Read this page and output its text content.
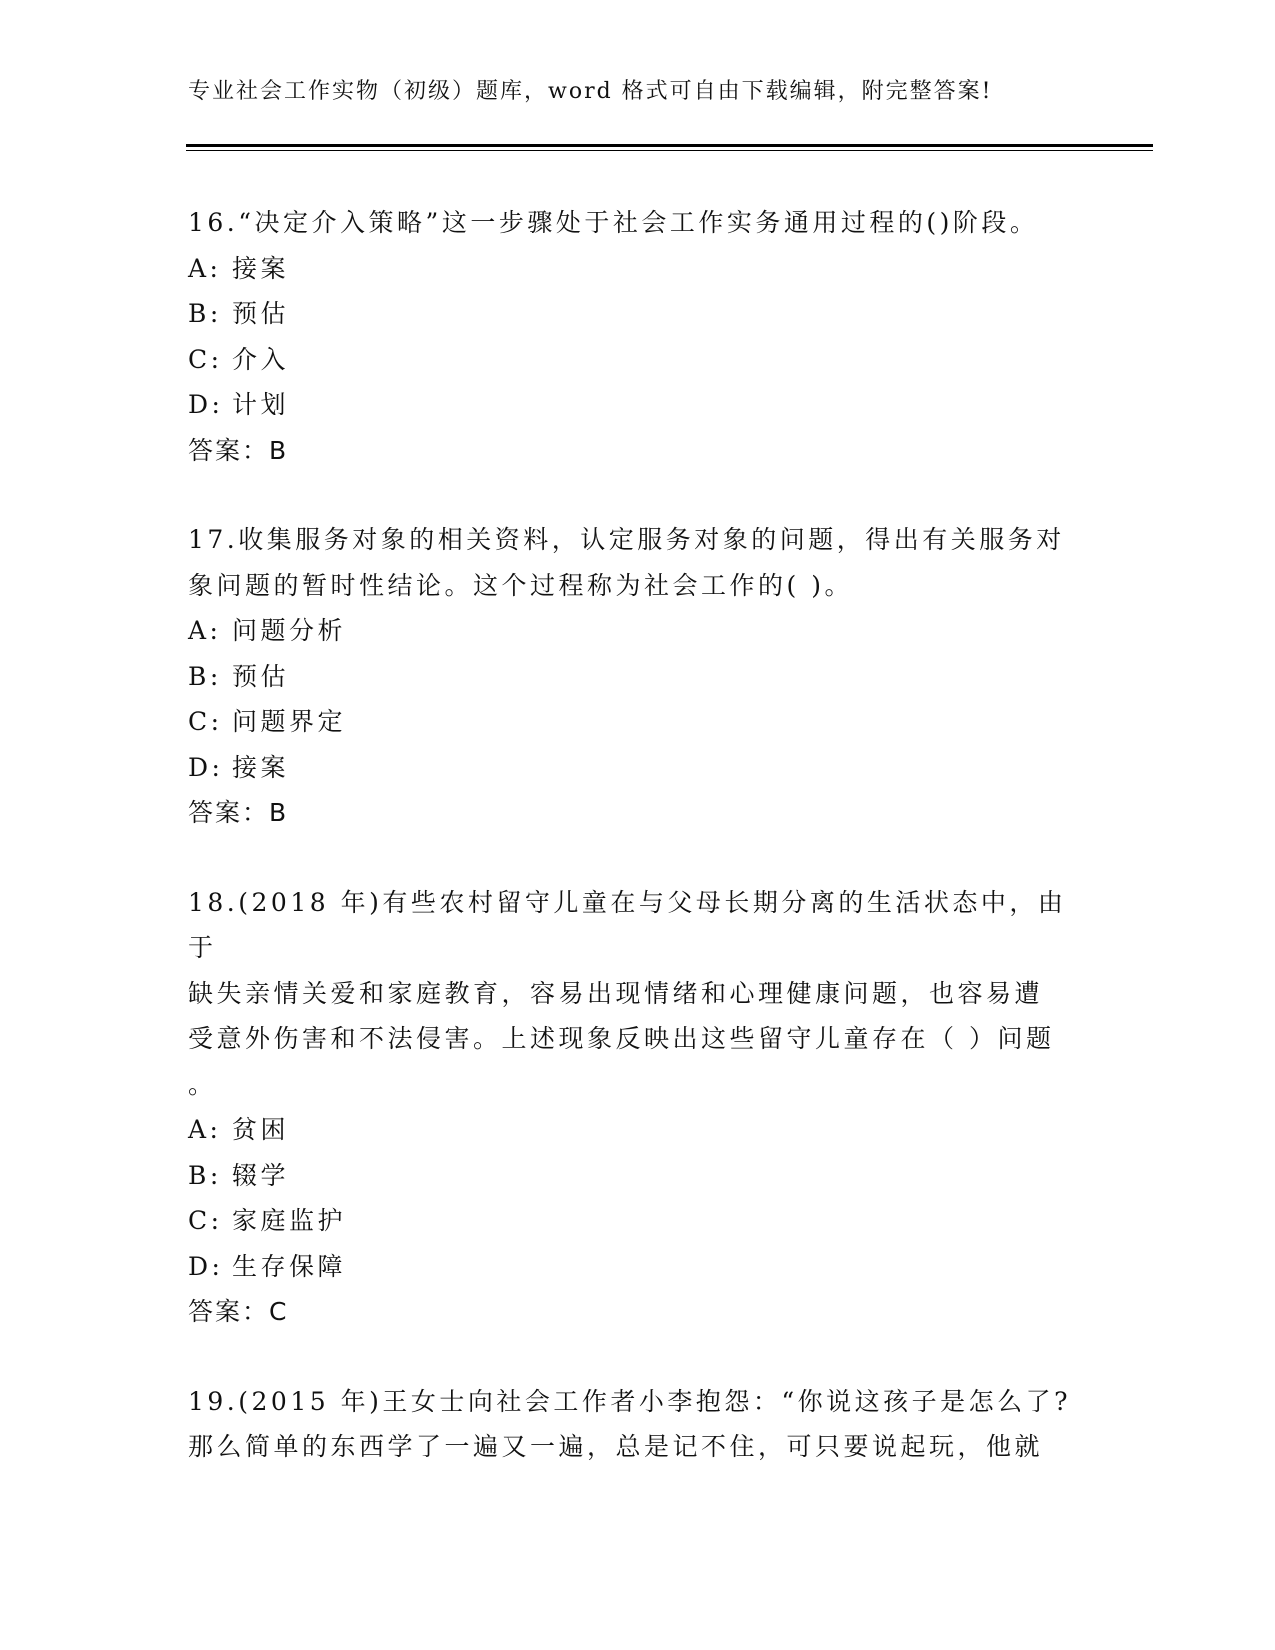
专业社会工作实物（初级）题库，word 格式可自由下载编辑，附完整答案!

16.“决定介入策略”这一步骤处于社会工作实务通用过程的()阶段。

A: 接案

B: 预估

C: 介入

D: 计划

答案：B

17.收集服务对象的相关资料，认定服务对象的问题，得出有关服务对

象问题的暂时性结论。这个过程称为社会工作的( )。

A: 问题分析

B: 预估

C: 问题界定

D: 接案

答案：B

18.(2018 年)有些农村留守儿童在与父母长期分离的生活状态中，由于

缺失亲情关爱和家庭教育，容易出现情绪和心理健康问题，也容易遭

受意外伤害和不法侵害。上述现象反映出这些留守儿童存在（ ）问题

。

A: 贫困

B: 辍学

C: 家庭监护

D: 生存保障

答案：C

19.(2015 年)王女士向社会工作者小李抱怨：“你说这孩子是怎么了?

那么简单的东西学了一遍又一遍，总是记不住，可只要说起玩，他就
